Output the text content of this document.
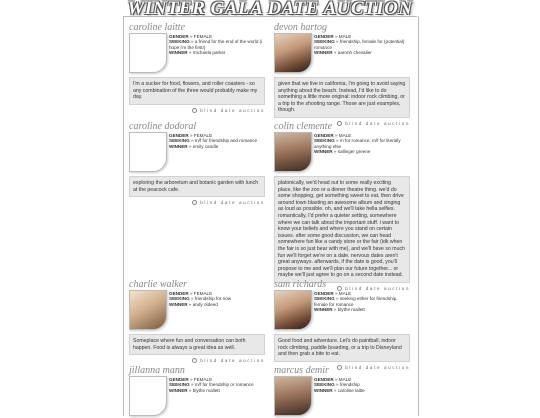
WINTER GALA DATE AUCTION
caroline laitte
GENDER » FEMALE
SEEKING » a friend for the end of the world (i hope i'm the first!)
WINNER » michaela parker
I'm a sucker for food, flowers, and roller coasters - so any combination of the three would probably make my day.
blind date auction
devon hartog
GENDER » MALE
SEEKING » friendship, female for (potential) romance
WINNER » aaronh chevalier
given that we live in california, I'm going to avoid saying anything about the beach. Instead, I'd like to do something a little more original: indoor rock climbing, or a trip to the shooting range. Those are just examples, though.
blind date auction
caroline dodoral
GENDER » FEMALE
SEEKING » m/f for friendship and romance
WINNER » emily candle
exploring the arboretum and botanic garden with lunch at the peacock cafe.
blind date auction
colin clemente
GENDER » MALE
SEEKING » m for romance, m/f for literally anything else
WINNER » sallinger greene
platonically, we'd head out to some really exciting place, like the zoo or a dinner theatre thing. we'd do some shopping, get something sweet to eat, then drive around town blasting an awesome album and singing as loud as possible. oh, and we'll take hella selfies. romantically, I'd prefer a quieter setting, somewhere where we can talk about the important stuff. i want to know your beliefs and where you stand on certain issues. after some good discussion, we can head somewhere fun like a candy store or the fair (idk when the fair is so just bear with me), and we'll have so much fun we'll forget we're on a date. nervous dates aren't great anyways. afterwards, if the date is good, you'll propose to me and we'll plan our future together... or maybe we'll just agree to go on a second date instead.
blind date auction
charlie walker
GENDER » FEMALE
SEEKING » friendship for now
WINNER » andy oldeed
Someplace where fun and conversation can both happen. Food is always a great idea as well.
blind date auction
sam richards
GENDER » MALE
SEEKING » seeking either for friendship, female for romance
WINNER » blythe mallett
Good food and adventure. Let's do paintball, indoor rock climbing, paddle boarding, or a trip to Disneyland and then grab a bite to eat.
blind date auction
jillanna mann
GENDER » FEMALE
SEEKING » m/f for friendship or romance
WINNER » blythe mallett
marcus demir
GENDER » MALE
SEEKING » friendship
WINNER » caroline laitte
